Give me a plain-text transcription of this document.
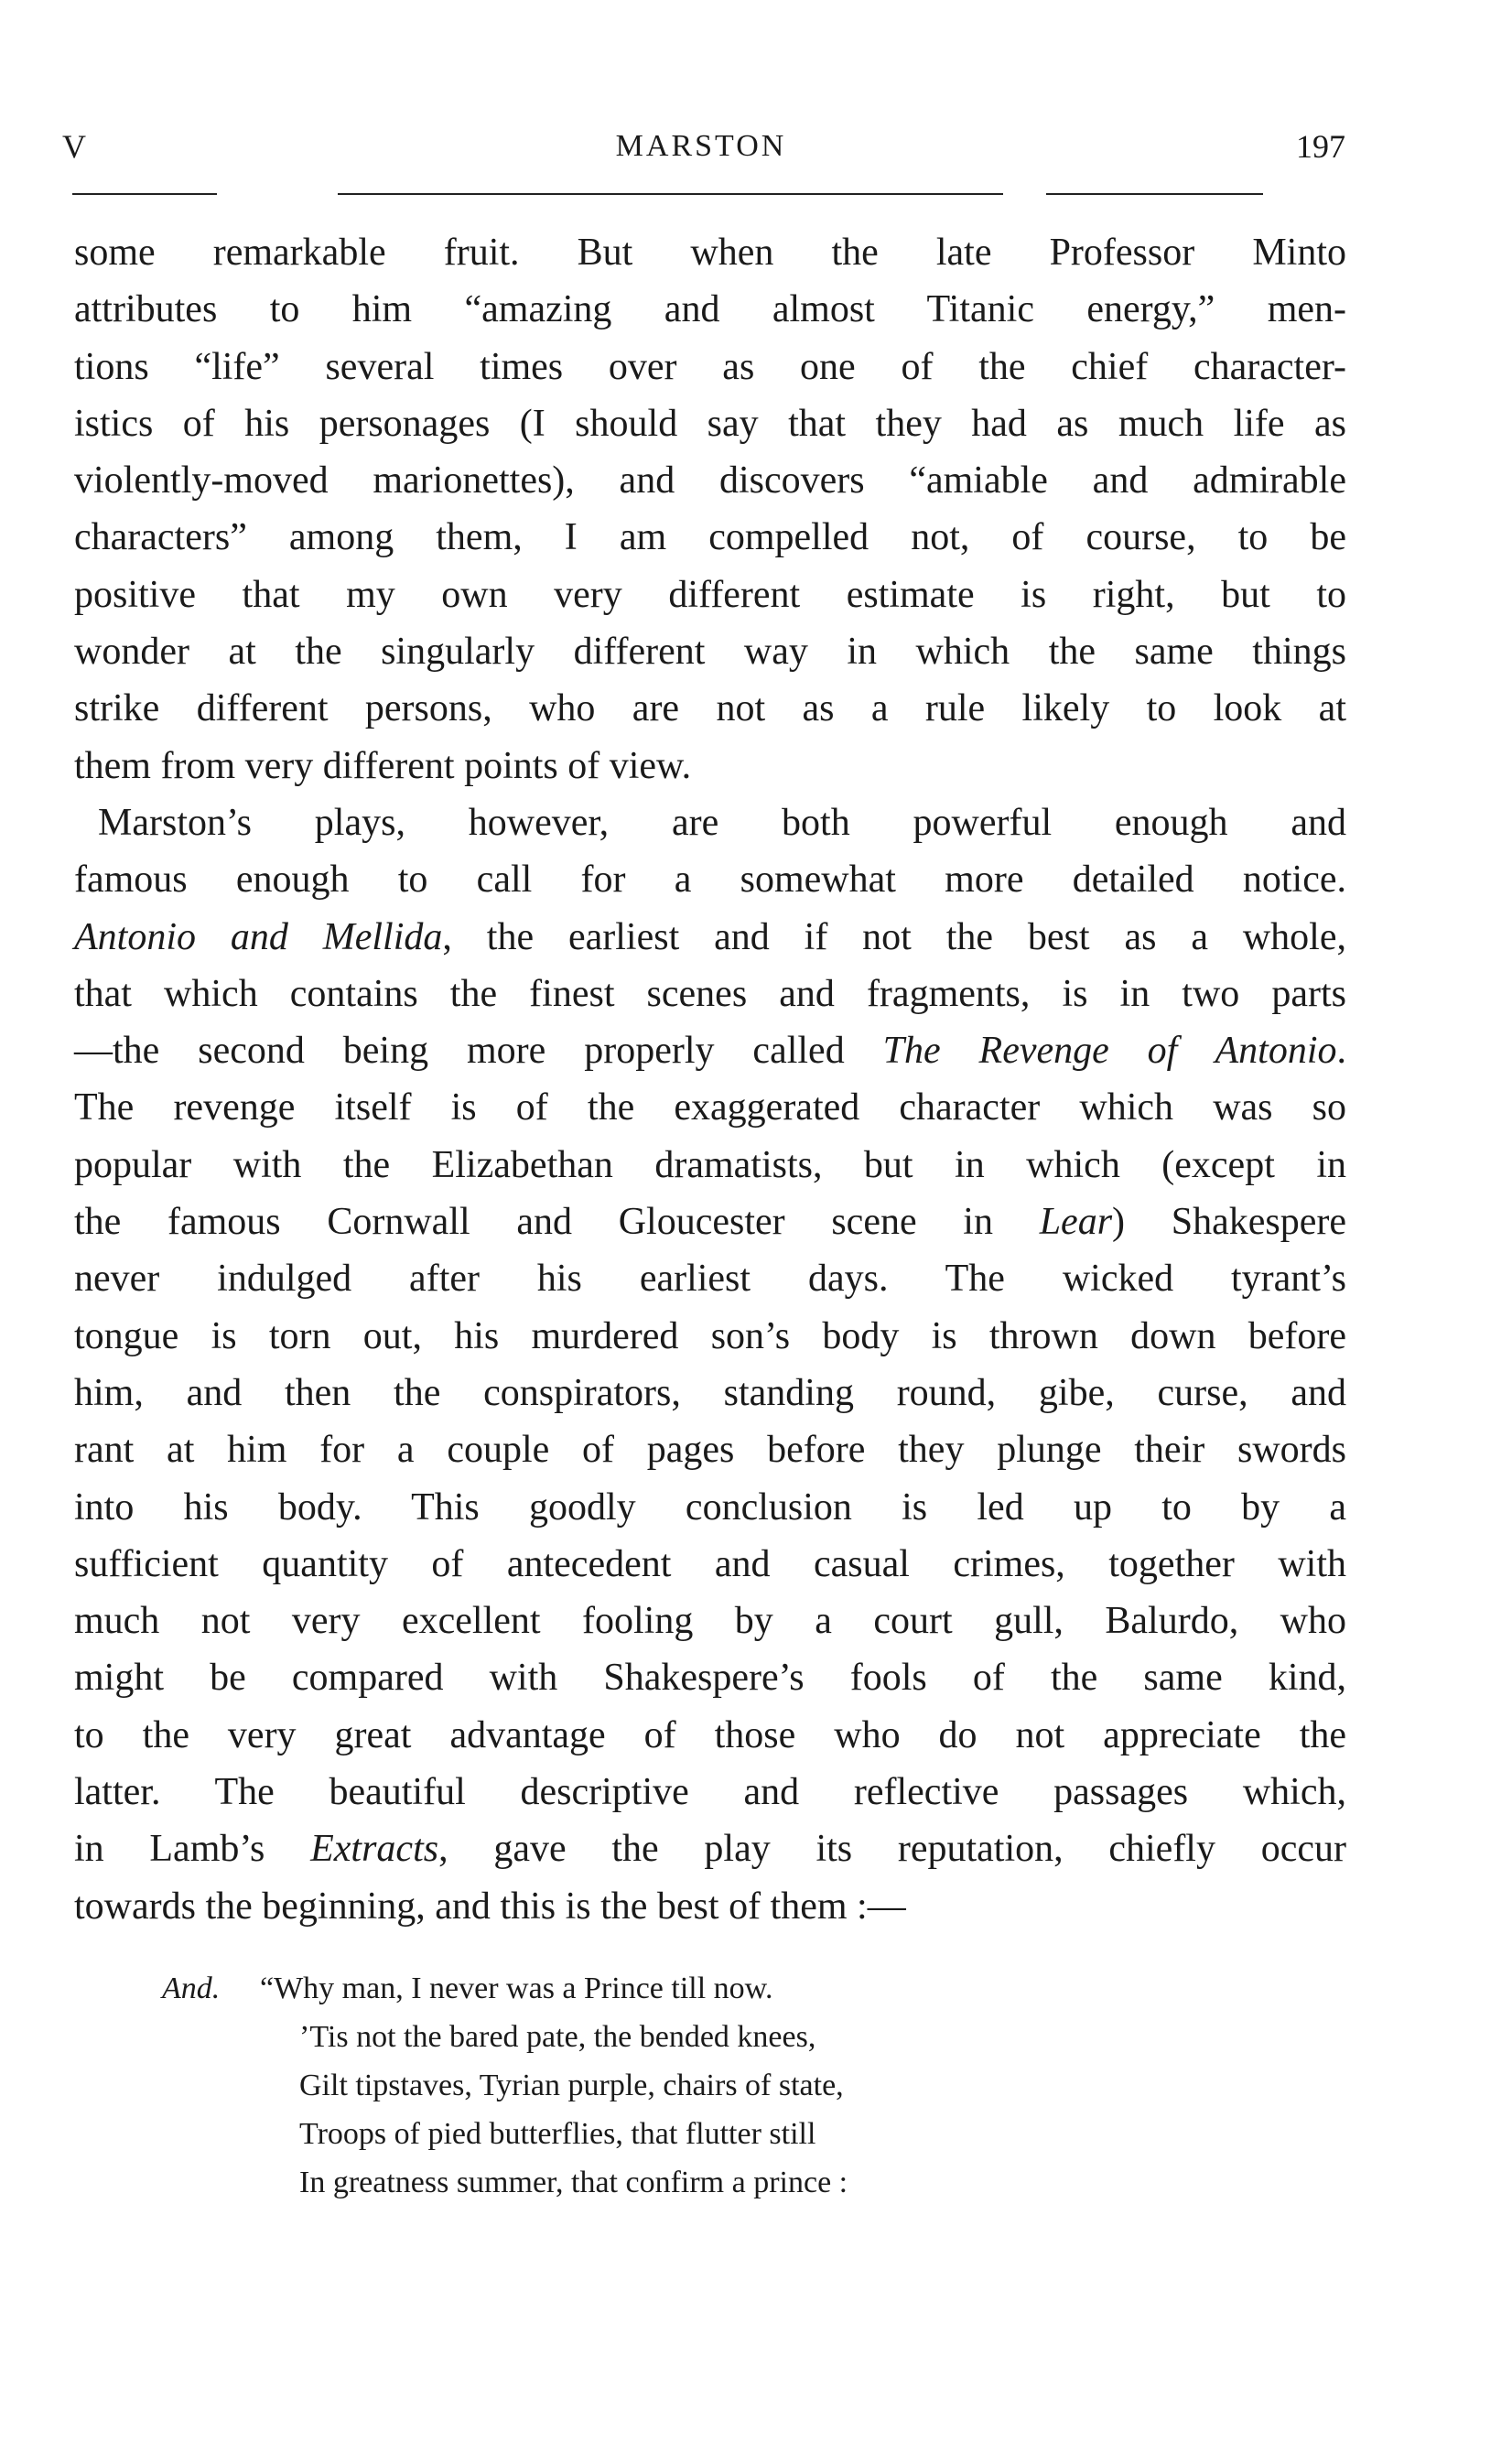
V	MARSTON	197
some remarkable fruit. But when the late Professor Minto
attributes to him “amazing and almost Titanic energy,” men-
tions “life” several times over as one of the chief character-
istics of his personages (I should say that they had as much life as
violently-moved marionettes), and discovers “amiable and admirable
characters” among them, I am compelled not, of course, to be
positive that my own very different estimate is right, but to
wonder at the singularly different way in which the same things
strike different persons, who are not as a rule likely to look at
them from very different points of view.
Marston’s plays, however, are both powerful enough and
famous enough to call for a somewhat more detailed notice.
Antonio and Mellida, the earliest and if not the best as a whole,
that which contains the finest scenes and fragments, is in two parts
—the second being more properly called The Revenge of Antonio.
The revenge itself is of the exaggerated character which was so
popular with the Elizabethan dramatists, but in which (except in
the famous Cornwall and Gloucester scene in Lear) Shakespere
never indulged after his earliest days. The wicked tyrant’s
tongue is torn out, his murdered son’s body is thrown down before
him, and then the conspirators, standing round, gibe, curse, and
rant at him for a couple of pages before they plunge their swords
into his body. This goodly conclusion is led up to by a
sufficient quantity of antecedent and casual crimes, together with
much not very excellent fooling by a court gull, Balurdo, who
might be compared with Shakespere’s fools of the same kind,
to the very great advantage of those who do not appreciate the
latter. The beautiful descriptive and reflective passages which,
in Lamb’s Extracts, gave the play its reputation, chiefly occur
towards the beginning, and this is the best of them :—
And. “Why man, I never was a Prince till now.
’Tis not the bared pate, the bended knees,
Gilt tipstaves, Tyrian purple, chairs of state,
Troops of pied butterflies, that flutter still
In greatness summer, that confirm a prince :
